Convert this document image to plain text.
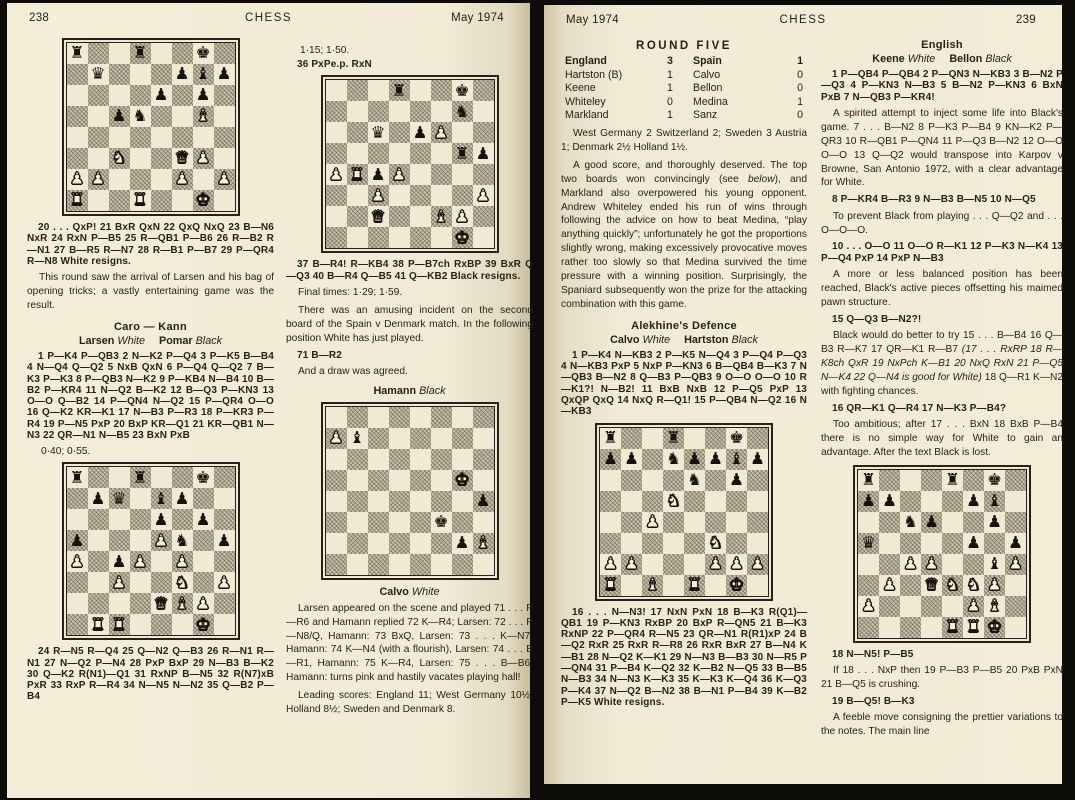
238	CHESS	May 1974
♜	♜	♚
♛	♟ ♝ ♟
♟ ♟
♟ ♞	♝
♞	♛ ♟
♟ ♟	♟ ♟
♜	♜	♚

20 . . . QxP! 21 BxR QxN 22 QxQ NxQ 23 B—N6 NxR 24 RxN P—B5 25 R—QB1 P—B6 26 R—B2 R—N1 27 B—R5 R—N7 28 R—B1 P—B7 29 P—QR4 R—N8 White resigns.

This round saw the arrival of Larsen and his bag of opening tricks; a vastly entertaining game was the result.

Caro — Kann
Larsen White Pomar Black

1 P—K4 P—QB3 2 N—K2 P—Q4 3 P—K5 B—B4 4 N—Q4 Q—Q2 5 NxB QxN 6 P—Q4 Q—Q2 7 B—K3 P—K3 8 P—QB3 N—K2 9 P—KB4 N—B4 10 B—B2 P—KR4 11 N—Q2 B—K2 12 B—Q3 P—KN3 13 O—O Q—B2 14 P—QN4 N—Q2 15 P—QR4 O—O 16 Q—K2 KR—K1 17 N—B3 P—R3 18 P—KR3 P—R4 19 P—N5 PxP 20 BxP KR—Q1 21 KR—QB1 N—N3 22 QR—N1 N—B5 23 BxN PxB

0·40; 0·55.
♜	♜	♚
♟ ♛ ♝ ♟
♟ ♟
♟	♟ ♞ ♟
♟ ♟ ♟ ♟
♟	♞ ♟
♛ ♝ ♟
♜ ♜	♚

24 R—N5 R—Q4 25 Q—N2 Q—B3 26 R—N1 R—N1 27 N—Q2 P—N4 28 PxP BxP 29 N—B3 B—K2 30 Q—K2 R(N1)—Q1 31 RxNP B—N5 32 R(N7)xB PxR 33 RxP R—R4 34 N—N5 N—N2 35 Q—B2 P—B4

1·15; 1·50.

36 PxPe.p. RxN

♜	♚
♞
♛ ♟ ♟
♜ ♟
♟ ♜ ♟ ♟
♟	♟
♛	♝ ♟
♚

37 B—R4! R—KB4 38 P—B7ch RxBP 39 BxR Q—Q3 40 B—R4 Q—B5 41 Q—KB2 Black resigns.

Final times: 1·29; 1·59.

There was an amusing incident on the second board of the Spain v Denmark match. In the following position White has just played.

71 B—R2

And a draw was agreed.

Hamann Black
♟ ♝
♚
♟
♚
♟ ♝
Calvo White

Larsen appeared on the scene and played 71 . . . P—R6 and Hamann replied 72 K—R4; Larsen: 72 . . . P—N8/Q, Hamann: 73 BxQ, Larsen: 73 . . . K—N7, Hamann: 74 K—N4 (with a flourish), Larsen: 74 . . . B—R1, Hamann: 75 K—R4, Larsen: 75 . . . B—B6, Hamann: turns pink and hastily vacates playing hall!

Leading scores: England 11; West Germany 10½; Holland 8½; Sweden and Denmark 8.

May 1974	CHESS	239
ROUND FIVE
England	3	Spain	1
Hartston (B)	1	Calvo	0
Keene	1	Bellon	0
Whiteley	0	Medina	1
Markland	1	Sanz	0

West Germany 2 Switzerland 2; Sweden 3 Austria 1; Denmark 2½ Holland 1½.

A good score, and thoroughly deserved. The top two boards won convincingly (see below), and Markland also overpowered his young opponent. Andrew Whiteley ended his run of wins through following the advice on how to beat Medina, “play anything quickly”; unfortunately he got the proportions slightly wrong, making excessively provocative moves rather too slowly so that Medina survived the time pressure with a winning position. Surprisingly, the Spaniard subsequently won the prize for the attacking combination with this game.

Alekhine's Defence
Calvo White Hartston Black

1 P—K4 N—KB3 2 P—K5 N—Q4 3 P—Q4 P—Q3 4 N—KB3 PxP 5 NxP P—KN3 6 B—QB4 B—K3 7 N—QB3 B—N2 8 Q—B3 P—QB3 9 O—O O—O 10 R—K1?! N—B2! 11 BxB NxB 12 P—Q5 PxP 13 QxQP QxQ 14 NxQ R—Q1! 15 P—QB4 N—Q2 16 N—KB3

♜	♜	♚
♟ ♟ ♞ ♟ ♟ ♝ ♟
♞ ♟
♞
♟
♞
♟ ♟	♟ ♟ ♟
♜ ♝ ♜ ♚

16 . . . N—N3! 17 NxN PxN 18 B—K3 R(Q1)—QB1 19 P—KN3 RxBP 20 BxP R—QN5 21 B—K3 RxNP 22 P—QR4 R—N5 23 QR—N1 R(R1)xP 24 B—Q2 RxR 25 RxR R—R8 26 RxR BxR 27 B—N4 K—B1 28 N—Q2 K—K1 29 N—N3 B—B3 30 N—R5 P—QN4 31 P—B4 K—Q2 32 K—B2 N—Q5 33 B—B5 N—B3 34 N—N3 K—K3 35 K—K3 K—Q4 36 K—Q3 P—K4 37 N—Q2 B—N2 38 B—N1 P—B4 39 K—B2 P—K5 White resigns.

English
Keene White Bellon Black

1 P—QB4 P—QB4 2 P—QN3 N—KB3 3 B—N2 P—Q3 4 P—KN3 N—B3 5 B—N2 P—KN3 6 BxN PxB 7 N—QB3 P—KR4!

A spirited attempt to inject some life into Black's game. 7 . . . B—N2 8 P—K3 P—B4 9 KN—K2 P—QR3 10 R—QB1 P—QN4 11 P—Q3 B—N2 12 O—O O—O 13 Q—Q2 would transpose into Karpov v Browne, San Antonio 1972, with a clear advantage for White.

8 P—KR4 B—R3 9 N—B3 B—N5 10 N—Q5

To prevent Black from playing . . . Q—Q2 and . . . O—O—O.

10 . . . O—O 11 O—O R—K1 12 P—K3 N—K4 13 P—Q4 PxP 14 PxP N—B3

A more or less balanced position has been reached, Black's active pieces offsetting his maimed pawn structure.

15 Q—Q3 B—N2?!

Black would do better to try 15 . . . B—B4 16 Q—B3 R—K7 17 QR—K1 R—B7 (17 . . . RxRP 18 R—K8ch QxR 19 NxPch K—B1 20 NxQ RxN 21 P—Q5 N—K4 22 Q—N4 is good for White) 18 Q—R1 K—N2 with fighting chances.

16 QR—K1 Q—R4 17 N—K3 P—B4?

Too ambitious; after 17 . . . BxN 18 BxB P—B4 there is no simple way for White to gain an advantage. After the text Black is lost.

♜	♜ ♚
♟ ♟	♟ ♝
♞ ♟	♟
♛	♟ ♟
♟ ♟	♝ ♟
♟ ♛ ♞ ♞ ♟
♟	♟ ♝
♜ ♜ ♚

18 N—N5! P—B5

If 18 . . . NxP then 19 P—B3 P—B5 20 PxB PxN 21 B—Q5 is crushing.

19 B—Q5! B—K3

A feeble move consigning the prettier variations to the notes. The main line
